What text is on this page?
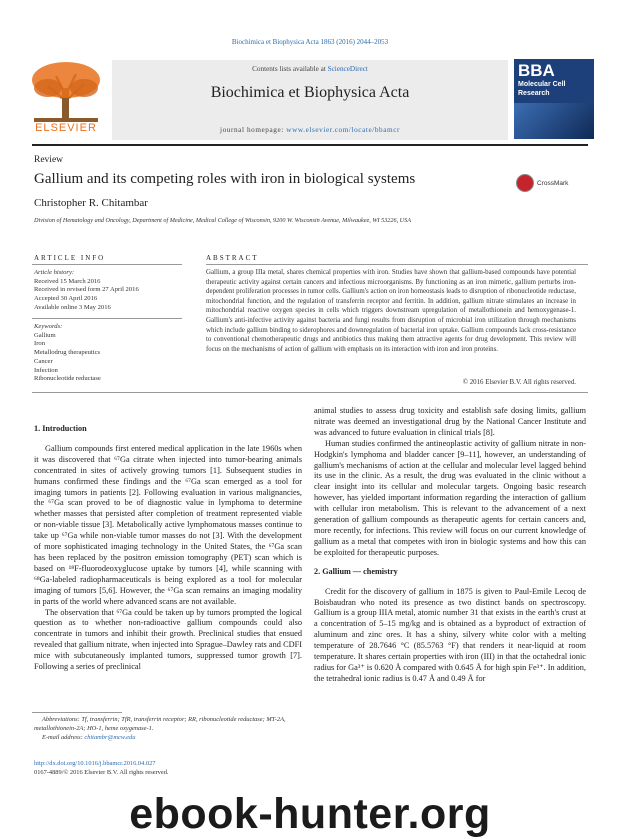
Biochimica et Biophysica Acta 1863 (2016) 2044–2053
ELSEVIER
Contents lists available at ScienceDirect
Biochimica et Biophysica Acta
journal homepage: www.elsevier.com/locate/bbamcr
BBA
Molecular Cell
Research
Review
Gallium and its competing roles with iron in biological systems	CrossMark
Christopher R. Chitambar
Division of Hematology and Oncology, Department of Medicine, Medical College of Wisconsin, 9200 W. Wisconsin Avenue, Milwaukee, WI 53226, USA
ARTICLE INFO	ABSTRACT
Article history:
Received 15 March 2016
Received in revised form 27 April 2016
Accepted 30 April 2016
Available online 3 May 2016
Keywords:
Gallium
Iron
Metallodrug therapeutics
Cancer
Infection
Ribonucleotide reductase
Gallium, a group IIIa metal, shares chemical properties with iron. Studies have shown that gallium-based compounds have potential therapeutic activity against certain cancers and infectious microorganisms. By functioning as an iron mimetic, gallium perturbs iron-dependent proliferation processes in tumor cells. Gallium's action on iron homeostasis leads to disruption of ribonucleotide reductase, mitochondrial function, and the regulation of transferrin receptor and ferritin. In addition, gallium nitrate stimulates an increase in mitochondrial reactive oxygen species in cells which triggers downstream upregulation of metallothionein and hemoxygenase-1. Gallium's anti-infective activity against bacteria and fungi results from disruption of microbial iron utilization through mechanisms which include gallium binding to siderophores and downregulation of bacterial iron uptake. Gallium compounds lack cross-resistance to conventional chemotherapeutic drugs and antibiotics thus making them attractive agents for drug development. This review will focus on the mechanisms of action of gallium with emphasis on its interaction with iron and iron proteins.
© 2016 Elsevier B.V. All rights reserved.

1. Introduction

Gallium compounds first entered medical application in the late 1960s when it was discovered that ⁶⁷Ga citrate when injected into tumor-bearing animals concentrated in sites of actively growing tumors [1]. Subsequent studies in humans confirmed these findings and the ⁶⁷Ga scan emerged as a tool for imaging tumors in patients [2]. Following evaluation in various malignancies, the ⁶⁷Ga scan proved to be of diagnostic value in lymphoma to determine whether masses that persisted after completion of treatment represented viable or non-viable tissue [3]. Metabolically active lymphomatous masses continue to take up ⁶⁷Ga while non-viable tumor masses do not [3]. With the development of more sophisticated imaging technology in the United States, the ⁶⁷Ga scan has been replaced by the positron emission tomography (PET) scan which is based on ¹⁸F-fluorodeoxyglucose uptake by tumors [4], while scanning with ⁶⁸Ga-labeled radiopharmaceuticals is being explored as a tool for molecular imaging of tumors [5,6]. However, the ⁶⁷Ga scan remains an imaging modality in parts of the world where advanced scans are not available.

The observation that ⁶⁷Ga could be taken up by tumors prompted the logical question as to whether non-radioactive gallium compounds could also concentrate in tumors and inhibit their growth. Preclinical studies that ensued revealed that gallium nitrate, when injected into Sprague–Dawley rats and CDFI mice with subcutaneously implanted tumors, suppressed tumor growth [7]. Following a series of preclinical

animal studies to assess drug toxicity and establish safe dosing limits, gallium nitrate was deemed an investigational drug by the National Cancer Institute and was advanced to future evaluation in clinical trials [8].

Human studies confirmed the antineoplastic activity of gallium nitrate in non-Hodgkin's lymphoma and bladder cancer [9–11], however, an understanding of gallium's mechanisms of action at the cellular and molecular level lagged behind its use in the clinic. As a result, the drug was evaluated in the clinic without a clear insight into its cellular and molecular targets. Ongoing basic research however, has yielded important information regarding the interaction of gallium with cellular iron metabolism. This is relevant to the advancement of a next generation of gallium compounds as therapeutic agents for certain cancers and, more recently, for infections. This review will focus on our current knowledge of gallium as a metal that competes with iron in biologic systems and how this can be exploited for therapeutic purposes.

2. Gallium — chemistry

Credit for the discovery of gallium in 1875 is given to Paul-Emile Lecoq de Boisbaudran who noted its presence as two distinct bands on spectroscopy. Gallium is a group IIIA metal, atomic number 31 that exists in the earth's crust at a concentration of 5–15 mg/kg and is obtained as a byproduct of extraction of aluminum and zinc ores. It has a shiny, silvery white color with a melting temperature of 28.7646 °C (85.5763 °F) that renders it near-liquid at room temperature. It shares certain properties with iron (III) in that the octahedral ionic radius for Ga³⁺ is 0.620 Å compared with 0.645 Å for high spin Fe³⁺. In addition, the tetrahedral ionic radius is 0.47 Å and 0.49 Å for

Abbreviations: Tf, transferrin; TfR, transferrin receptor; RR, ribonucleotide reductase; MT-2A, metallothionein-2A; HO-1, heme oxygenase-1.
E-mail address: chitambr@mcw.edu
http://dx.doi.org/10.1016/j.bbamcr.2016.04.027
0167-4889/© 2016 Elsevier B.V. All rights reserved.
ebook-hunter.org
